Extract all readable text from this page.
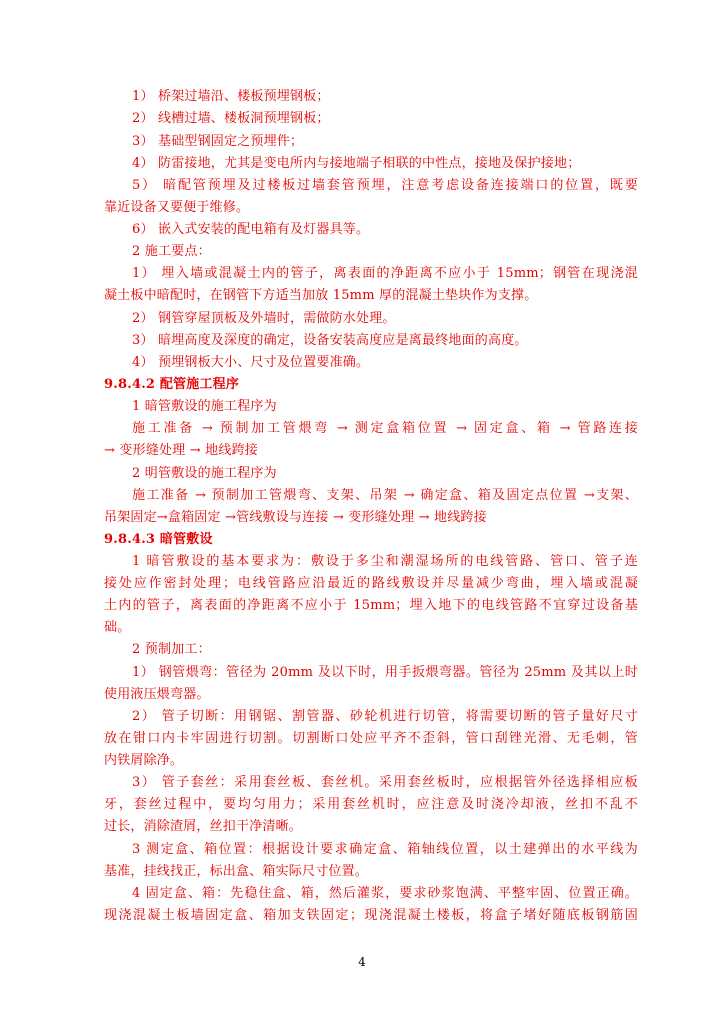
1） 桥架过墙沿、楼板预埋钢板；
2） 线槽过墙、楼板洞预埋钢板；
3） 基础型钢固定之预埋件；
4） 防雷接地，尤其是变电所内与接地端子相联的中性点，接地及保护接地；
5） 暗配管预埋及过楼板过墙套管预埋，注意考虑设备连接端口的位置，既要
靠近设备又要便于维修。
6） 嵌入式安装的配电箱有及灯器具等。
2 施工要点：
1） 埋入墙或混凝土内的管子，离表面的净距离不应小于 15mm；钢管在现浇混
凝土板中暗配时，在钢管下方适当加放 15mm 厚的混凝土垫块作为支撑。
2） 钢管穿屋顶板及外墙时，需做防水处理。
3） 暗埋高度及深度的确定，设备安装高度应是离最终地面的高度。
4） 预埋钢板大小、尺寸及位置要准确。
9.8.4.2 配管施工程序
1 暗管敷设的施工程序为
施工准备 → 预制加工管煨弯 → 测定盒箱位置 → 固定盒、箱 → 管路连接
→ 变形缝处理 → 地线跨接
2 明管敷设的施工程序为
施工准备 → 预制加工管煨弯、支架、吊架 → 确定盒、箱及固定点位置 →支架、
吊架固定→盒箱固定 →管线敷设与连接 → 变形缝处理 → 地线跨接
9.8.4.3 暗管敷设
1 暗管敷设的基本要求为：敷设于多尘和潮湿场所的电线管路、管口、管子连
接处应作密封处理；电线管路应沿最近的路线敷设并尽量减少弯曲，埋入墙或混凝
土内的管子，离表面的净距离不应小于 15mm；埋入地下的电线管路不宜穿过设备基
础。
2 预制加工：
1） 钢管煨弯：管径为 20mm 及以下时，用手扳煨弯器。管径为 25mm 及其以上时
使用液压煨弯器。
2） 管子切断：用钢锯、割管器、砂轮机进行切管，将需要切断的管子量好尺寸
放在钳口内卡牢固进行切割。切割断口处应平齐不歪斜，管口刮锉光滑、无毛刺，管
内铁屑除净。
3） 管子套丝：采用套丝板、套丝机。采用套丝板时，应根据管外径选择相应板
牙，套丝过程中，要均匀用力；采用套丝机时，应注意及时浇冷却液，丝扣不乱不
过长，消除渣屑，丝扣干净清晰。
3 测定盒、箱位置：根据设计要求确定盒、箱轴线位置，以土建弹出的水平线为
基准，挂线找正，标出盒、箱实际尺寸位置。
4 固定盒、箱：先稳住盒、箱，然后灌浆，要求砂浆饱满、平整牢固、位置正确。
现浇混凝土板墙固定盒、箱加支铁固定；现浇混凝土楼板，将盒子堵好随底板钢筋固
4
